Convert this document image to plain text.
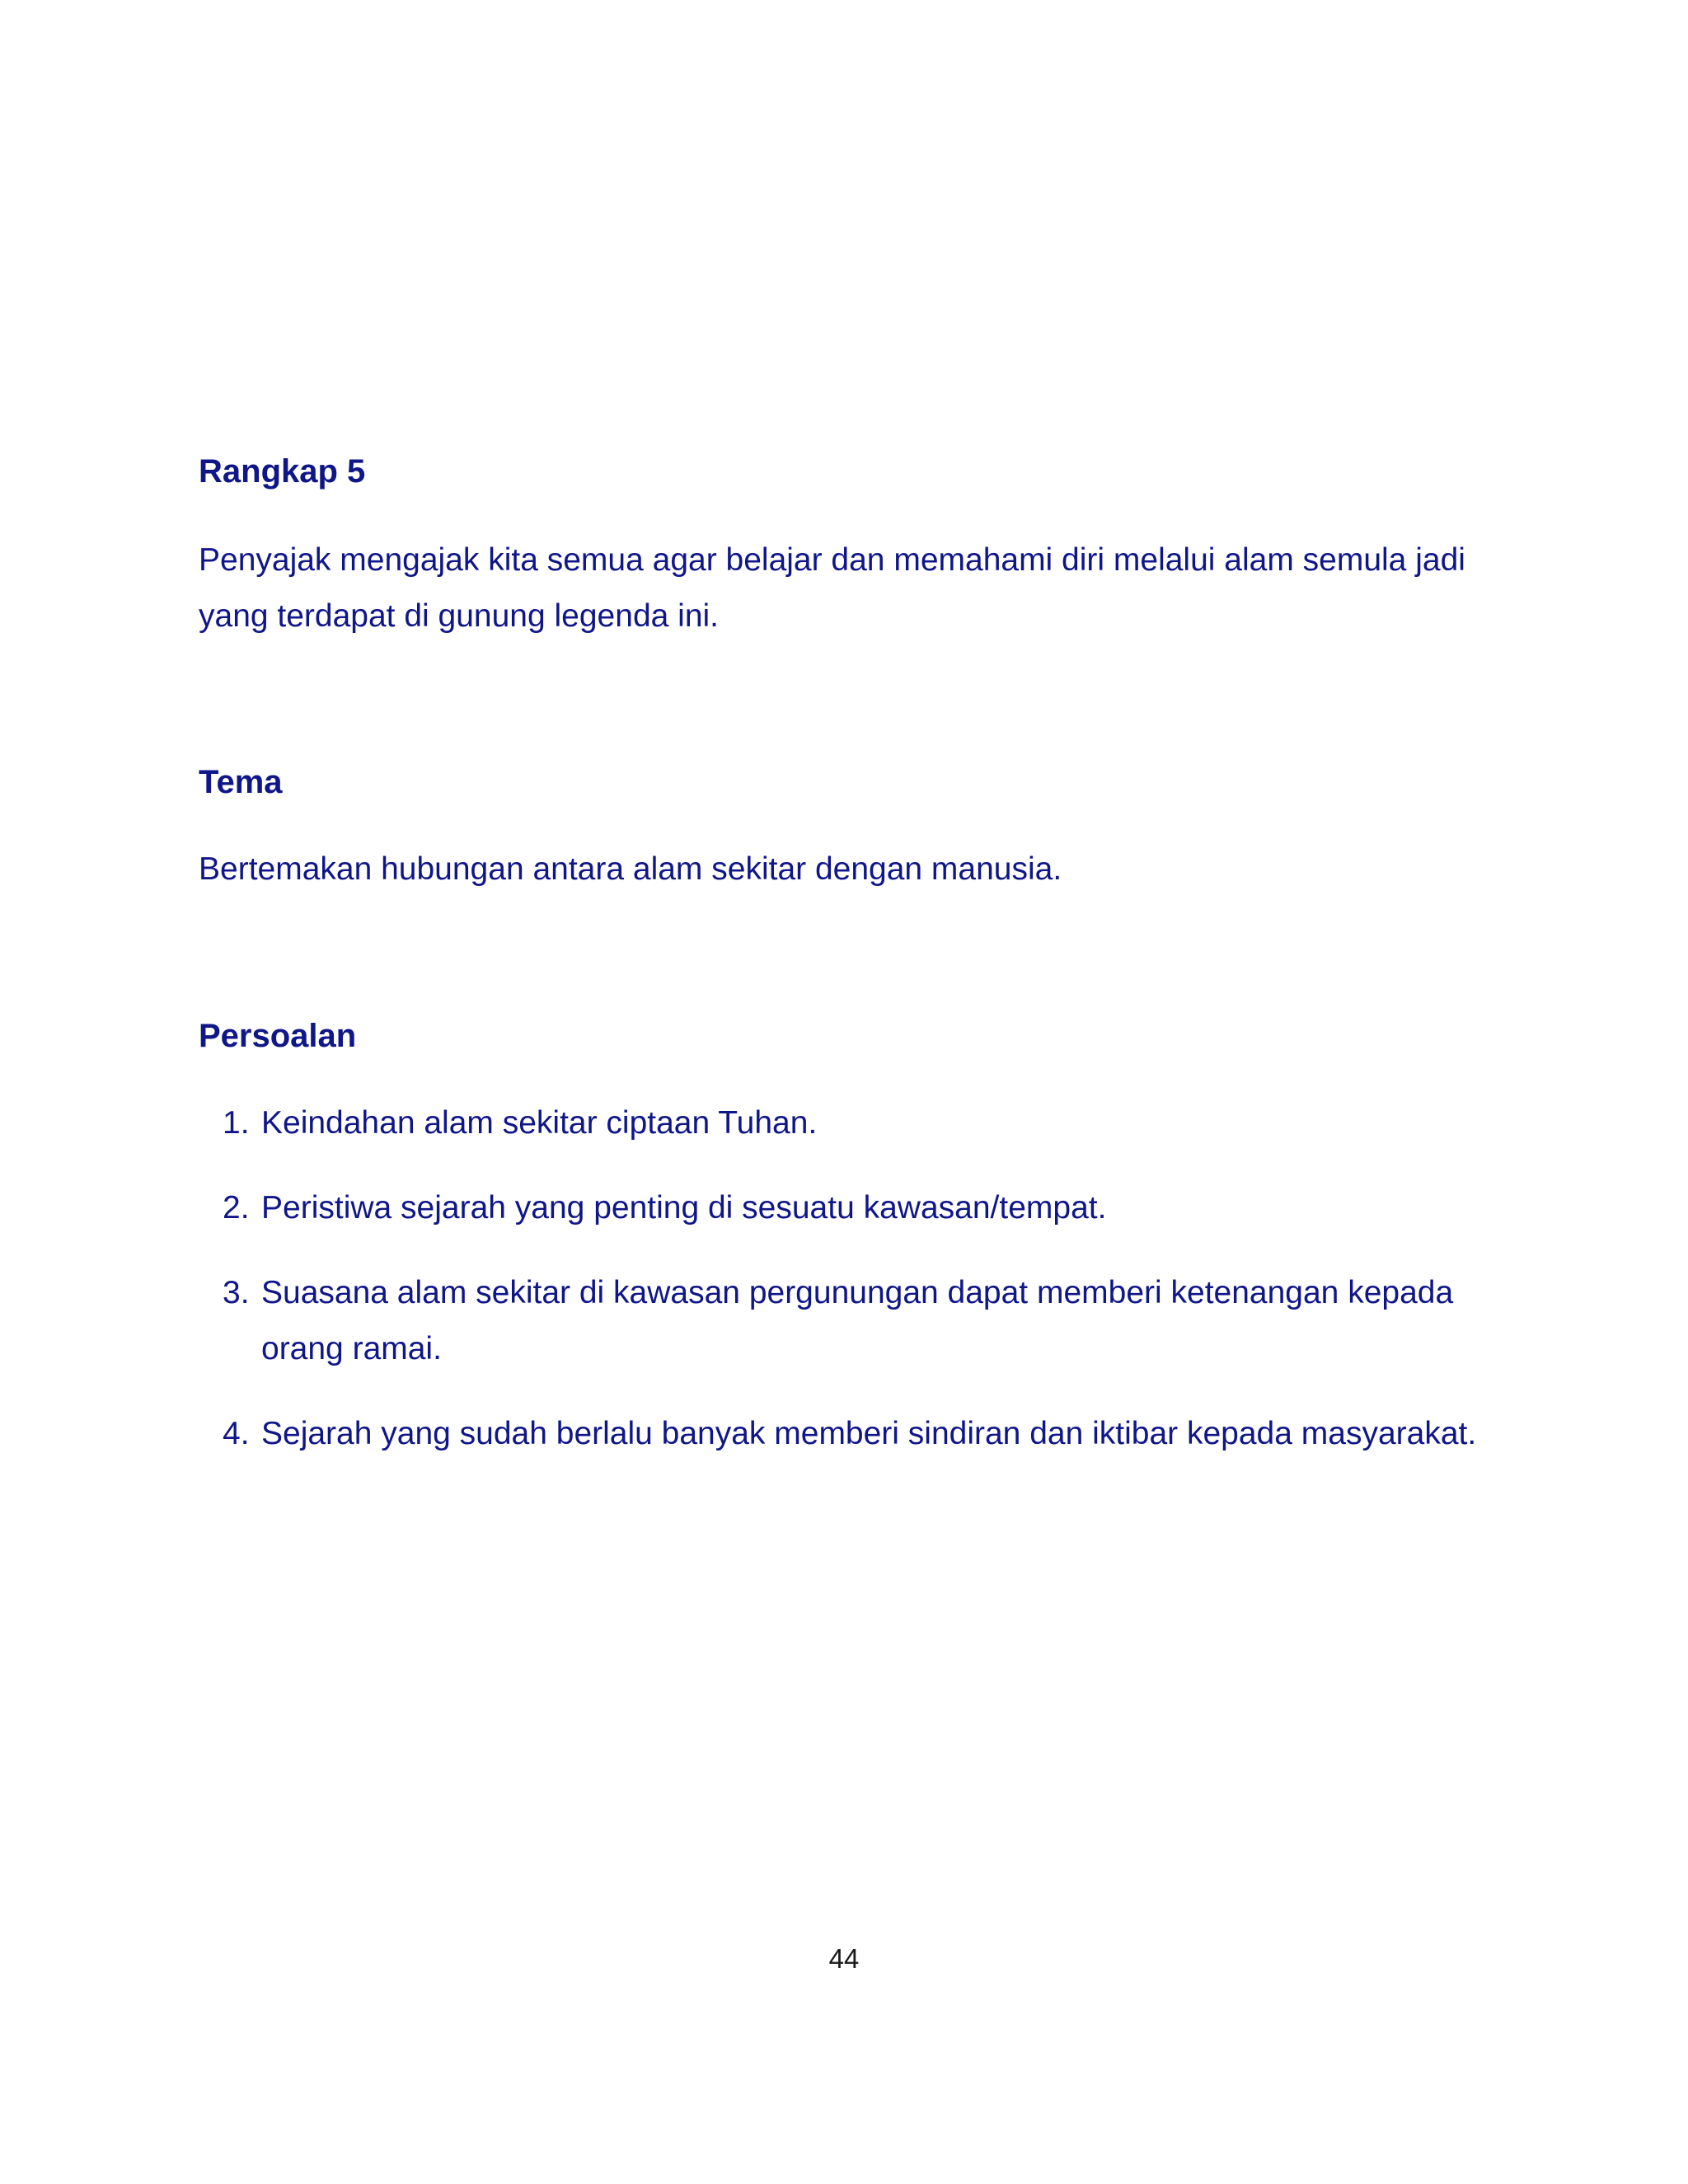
Rangkap 5

Penyajak mengajak kita semua agar belajar dan memahami diri melalui alam semula jadi yang terdapat di gunung legenda ini.

Tema

Bertemakan hubungan antara alam sekitar dengan manusia.

Persoalan
1. Keindahan alam sekitar ciptaan Tuhan.
2. Peristiwa sejarah yang penting di sesuatu kawasan/tempat.
3. Suasana alam sekitar di kawasan pergunungan dapat memberi ketenangan kepada orang ramai.
4. Sejarah yang sudah berlalu banyak memberi sindiran dan iktibar kepada masyarakat.
44
